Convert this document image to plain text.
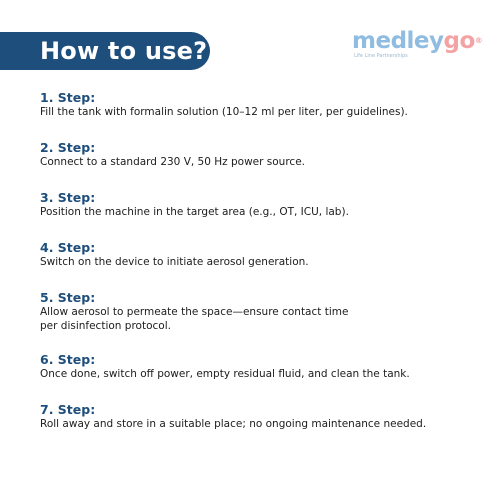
How to use?	medleygo®
Life Line Partnerships
1. Step:
Fill the tank with formalin solution (10–12 ml per liter, per guidelines).
2. Step:
Connect to a standard 230 V, 50 Hz power source.
3. Step:
Position the machine in the target area (e.g., OT, ICU, lab).
4. Step:
Switch on the device to initiate aerosol generation.
5. Step:
Allow aerosol to permeate the space—ensure contact time
per disinfection protocol.
6. Step:
Once done, switch off power, empty residual fluid, and clean the tank.
7. Step:
Roll away and store in a suitable place; no ongoing maintenance needed.
